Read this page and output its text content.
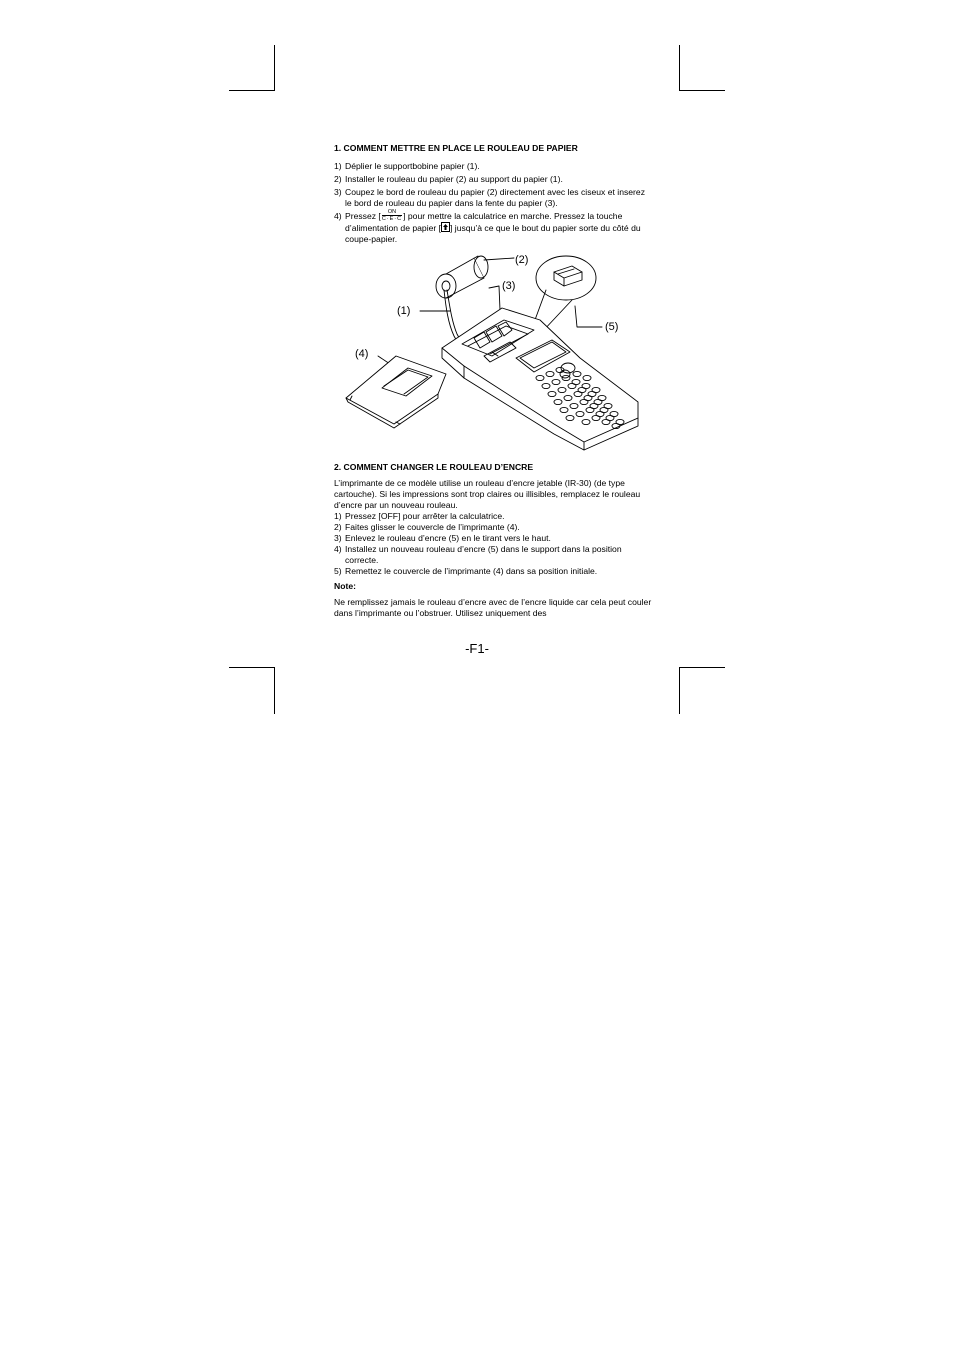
1. COMMENT METTRE EN PLACE LE ROULEAU DE PAPIER

1) Déplier le supportbobine papier (1).

2) Installer le rouleau du papier (2) au support du papier (1).

3) Coupez le bord de rouleau du papier (2) directement avec les ciseux et inserez le bord de rouleau du papier dans la fente du papier (3).

4) Pressez [ $\frac{ON}{C\cdot E\cdot C}$ ] pour mettre la calculatrice en marche. Pressez la touche d’alimentation de papier [ ] jusqu’à ce que le bout du papier sorte du côté du coupe-papier.

(2)
(3)
(1)
(4)
(5)

2. COMMENT CHANGER LE ROULEAU D’ENCRE

L’imprimante de ce modèle utilise un rouleau d’encre jetable (IR-30) (de type cartouche). Si les impressions sont trop claires ou illisibles, remplacez le rouleau d’encre par un nouveau rouleau.

1) Pressez [OFF] pour arrêter la calculatrice.

2) Faites glisser le couvercle de l’imprimante (4).

3) Enlevez le rouleau d’encre (5) en le tirant vers le haut.

4) Installez un nouveau rouleau d’encre (5) dans le support dans la position correcte.

5) Remettez le couvercle de l’imprimante (4) dans sa position initiale.

Note:

Ne remplissez jamais le rouleau d’encre avec de l’encre liquide car cela peut couler dans l’imprimante ou l’obstruer. Utilisez uniquement des

-F1-
